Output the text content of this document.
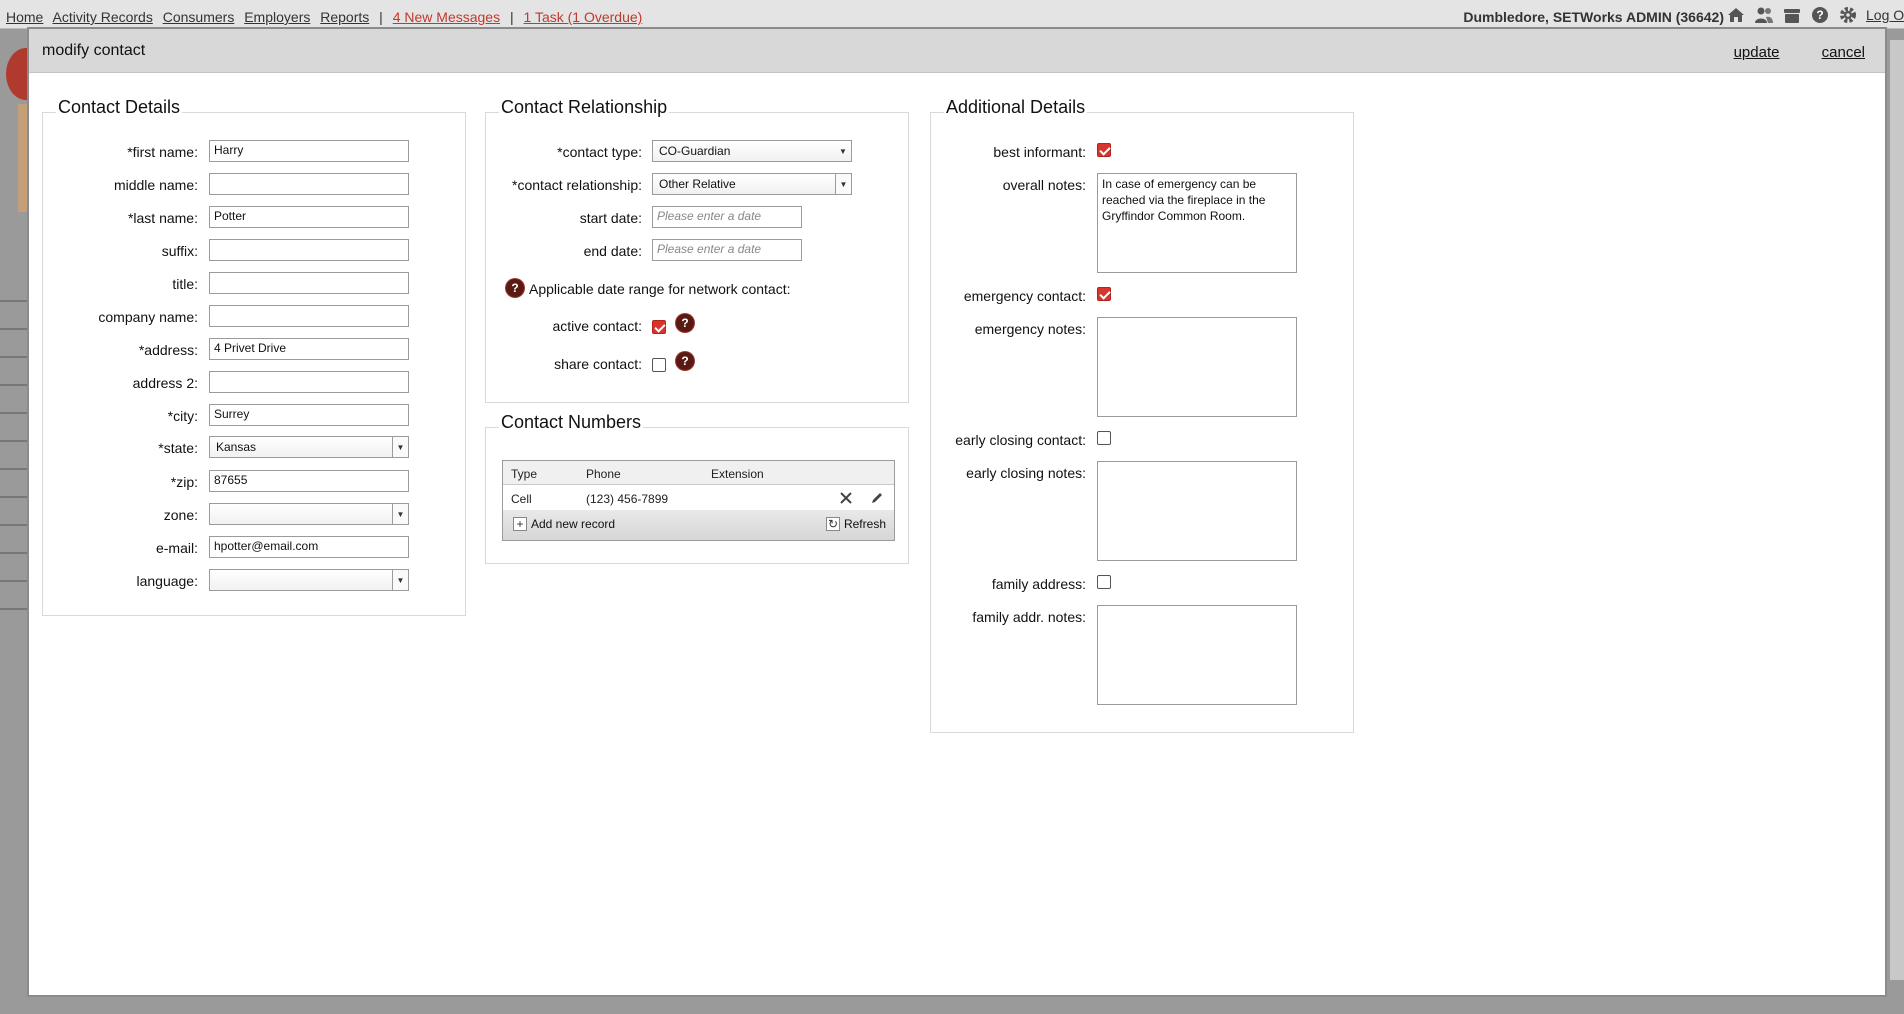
Home Activity Records Consumers Employers Reports | 4 New Messages | 1 Task (1 Overdue)	Dumbledore, SETWorks ADMIN (36642)	?	Log O
modify contact	update	cancel
Contact Details
*first name:	Harry
middle name:
*last name:	Potter
suffix:
title:
company name:
*address:	4 Privet Drive
address 2:
*city:	Surrey
*state:	Kansas	▼
*zip:	87655
zone:	▼
e-mail:	hpotter@email.com
language:	▼
Contact Relationship
*contact type:	CO-Guardian	▼
*contact relationship:	Other Relative	▼
start date:	Please enter a date
end date:	Please enter a date
? Applicable date range for network contact:
active contact:	?
share contact:	?
Contact Numbers
Type	Phone	Extension
Cell	(123) 456-7899
+ Add new record	↻ Refresh
Additional Details
best informant:
overall notes:	In case of emergency can be reached via the fireplace in the Gryffindor Common Room.
emergency contact:
emergency notes:
early closing contact:
early closing notes:
family address:
family addr. notes:
